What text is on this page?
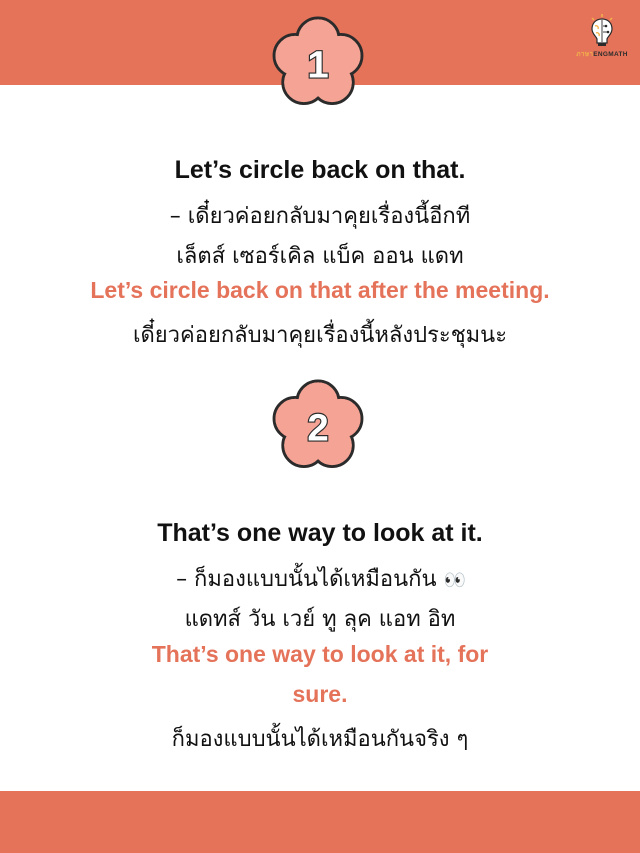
ภาษาENGMATH
1
Let’s circle back on that.
– เดี๋ยวค่อยกลับมาคุยเรื่องนี้อีกที
เล็ตส์ เซอร์เคิล แบ็ค ออน แดท
Let’s circle back on that after the meeting.
เดี๋ยวค่อยกลับมาคุยเรื่องนี้หลังประชุมนะ
2
That’s one way to look at it.
– ก็มองแบบนั้นได้เหมือนกัน 👀
แดทส์ วัน เวย์ ทู ลุค แอท อิท
That’s one way to look at it, for
sure.
ก็มองแบบนั้นได้เหมือนกันจริง ๆ
